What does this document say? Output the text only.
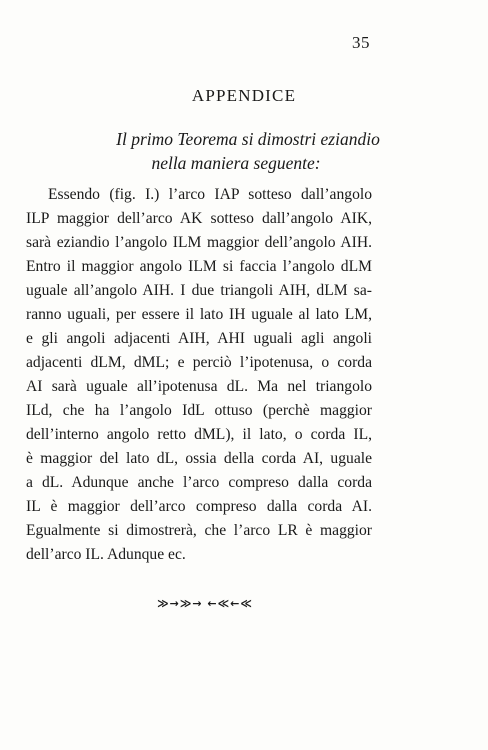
35
APPENDICE
Il primo Teorema si dimostri eziandio
nella maniera seguente:
Essendo (fig. I.) l’arco IAP sotteso dall’angolo
ILP maggior dell’arco AK sotteso dall’angolo AIK,
sarà eziandio l’angolo ILM maggior dell’angolo AIH.
Entro il maggior angolo ILM si faccia l’angolo dLM
uguale all’angolo AIH. I due triangoli AIH, dLM sa-
ranno uguali, per essere il lato IH uguale al lato LM,
e gli angoli adjacenti AIH, AHI uguali agli angoli
adjacenti dLM, dML; e perciò l’ipotenusa, o corda
AI sarà uguale all’ipotenusa dL. Ma nel triangolo
ILd, che ha l’angolo IdL ottuso (perchè maggior
dell’interno angolo retto dML), il lato, o corda IL,
è maggior del lato dL, ossia della corda AI, uguale
a dL. Adunque anche l’arco compreso dalla corda
IL è maggior dell’arco compreso dalla corda AI.
Egualmente si dimostrerà, che l’arco LR è maggior
dell’arco IL. Adunque ec.
≫→≫→ ←≪←≪
